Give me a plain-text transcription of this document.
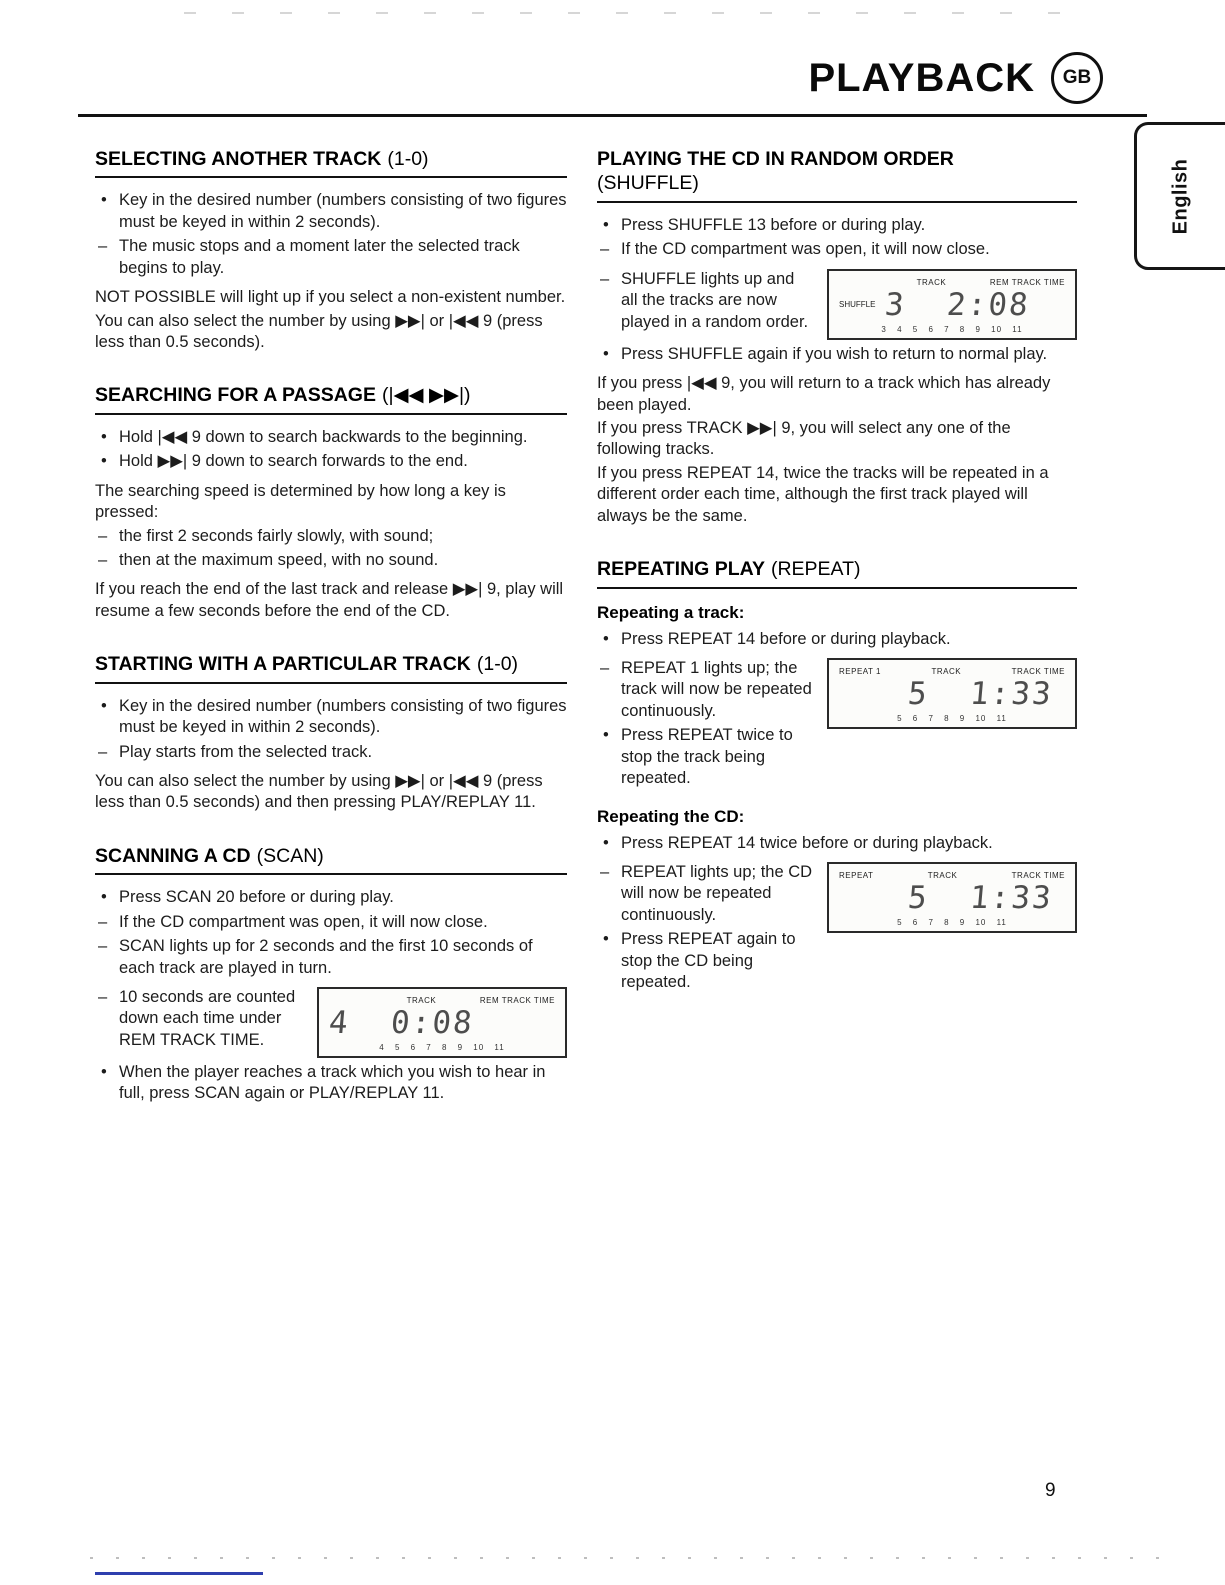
PLAYBACK GB
English
SELECTING ANOTHER TRACK (1-0)
• Key in the desired number (numbers consisting of two figures must be keyed in within 2 seconds).
– The music stops and a moment later the selected track begins to play.

NOT POSSIBLE will light up if you select a non-existent number.

You can also select the number by using ▶▶| or |◀◀ 9 (press less than 0.5 seconds).

SEARCHING FOR A PASSAGE (|◀◀ ▶▶|)
• Hold |◀◀ 9 down to search backwards to the beginning.
• Hold ▶▶| 9 down to search forwards to the end.

The searching speed is determined by how long a key is pressed:

– the first 2 seconds fairly slowly, with sound;
– then at the maximum speed, with no sound.

If you reach the end of the last track and release ▶▶| 9, play will resume a few seconds before the end of the CD.

STARTING WITH A PARTICULAR TRACK (1-0)
• Key in the desired number (numbers consisting of two figures must be keyed in within 2 seconds).
– Play starts from the selected track.

You can also select the number by using ▶▶| or |◀◀ 9 (press less than 0.5 seconds) and then pressing PLAY/REPLAY 11.

SCANNING A CD (SCAN)
• Press SCAN 20 before or during play.
– If the CD compartment was open, it will now close.
– SCAN lights up for 2 seconds and the first 10 seconds of each track are played in turn.
– 10 seconds are counted down each time under REM TRACK TIME.
TRACK	REM TRACK TIME
4  0:08
4 5 6 7 8 9 10 11
• When the player reaches a track which you wish to hear in full, press SCAN again or PLAY/REPLAY 11.
PLAYING THE CD IN RANDOM ORDER
(SHUFFLE)
• Press SHUFFLE 13 before or during play.
– If the CD compartment was open, it will now close.
– SHUFFLE lights up and all the tracks are now played in a random order.
TRACK	REM TRACK TIME
SHUFFLE 3  2:08
3 4 5 6 7 8 9 10 11
• Press SHUFFLE again if you wish to return to normal play.

If you press |◀◀ 9, you will return to a track which has already been played.

If you press TRACK ▶▶| 9, you will select any one of the following tracks.

If you press REPEAT 14, twice the tracks will be repeated in a different order each time, although the first track played will always be the same.

REPEATING PLAY (REPEAT)
Repeating a track:
• Press REPEAT 14 before or during playback.
– REPEAT 1 lights up; the track will now be repeated continuously.
• Press REPEAT twice to stop the track being repeated.
REPEAT 1	TRACK	TRACK TIME
5  1:33
5 6 7 8 9 10 11
Repeating the CD:
• Press REPEAT 14 twice before or during playback.
– REPEAT lights up; the CD will now be repeated continuously.
• Press REPEAT again to stop the CD being repeated.
REPEAT	TRACK	TRACK TIME
5  1:33
5 6 7 8 9 10 11
9
